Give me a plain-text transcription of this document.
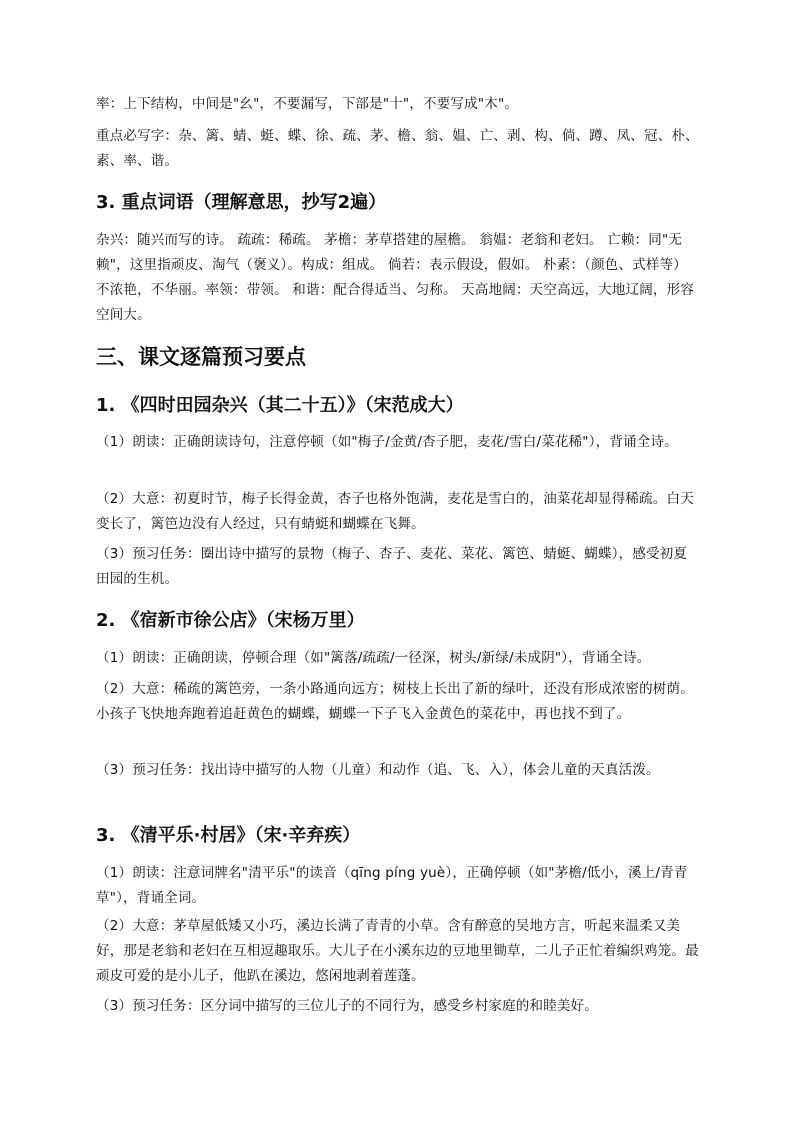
率：上下结构，中间是"幺"，不要漏写，下部是"十"，不要写成"木"。

重点必写字：杂、篱、蜻、蜓、蝶、徐、疏、茅、檐、翁、媪、亡、剥、构、倘、蹲、凤、冠、朴、素、率、谐。

3. 重点词语（理解意思，抄写2遍）

杂兴：随兴而写的诗。 疏疏：稀疏。 茅檐：茅草搭建的屋檐。 翁媪：老翁和老妇。 亡赖：同"无赖"，这里指顽皮、淘气（褒义）。构成：组成。 倘若：表示假设，假如。 朴素：（颜色、式样等）不浓艳，不华丽。率领：带领。 和谐：配合得适当、匀称。 天高地阔：天空高远，大地辽阔，形容空间大。

三、课文逐篇预习要点
1. 《四时田园杂兴（其二十五）》（宋范成大）

（1）朗读：正确朗读诗句，注意停顿（如"梅子/金黄/杏子肥，麦花/雪白/菜花稀"），背诵全诗。

（2）大意：初夏时节，梅子长得金黄，杏子也格外饱满，麦花是雪白的，油菜花却显得稀疏。白天变长了，篱笆边没有人经过，只有蜻蜓和蝴蝶在飞舞。

（3）预习任务：圈出诗中描写的景物（梅子、杏子、麦花、菜花、篱笆、蜻蜓、蝴蝶），感受初夏田园的生机。

2. 《宿新市徐公店》（宋杨万里）

（1）朗读：正确朗读，停顿合理（如"篱落/疏疏/一径深，树头/新绿/未成阴"），背诵全诗。

（2）大意：稀疏的篱笆旁，一条小路通向远方；树枝上长出了新的绿叶，还没有形成浓密的树荫。小孩子飞快地奔跑着追赶黄色的蝴蝶，蝴蝶一下子飞入金黄色的菜花中，再也找不到了。

（3）预习任务：找出诗中描写的人物（儿童）和动作（追、飞、入），体会儿童的天真活泼。

3. 《清平乐·村居》（宋·辛弃疾）

（1）朗读：注意词牌名"清平乐"的读音（qīng píng yuè），正确停顿（如"茅檐/低小，溪上/青青草"），背诵全词。

（2）大意：茅草屋低矮又小巧，溪边长满了青青的小草。含有醉意的吴地方言，听起来温柔又美好，那是老翁和老妇在互相逗趣取乐。大儿子在小溪东边的豆地里锄草，二儿子正忙着编织鸡笼。最顽皮可爱的是小儿子，他趴在溪边，悠闲地剥着莲蓬。

（3）预习任务：区分词中描写的三位儿子的不同行为，感受乡村家庭的和睦美好。
